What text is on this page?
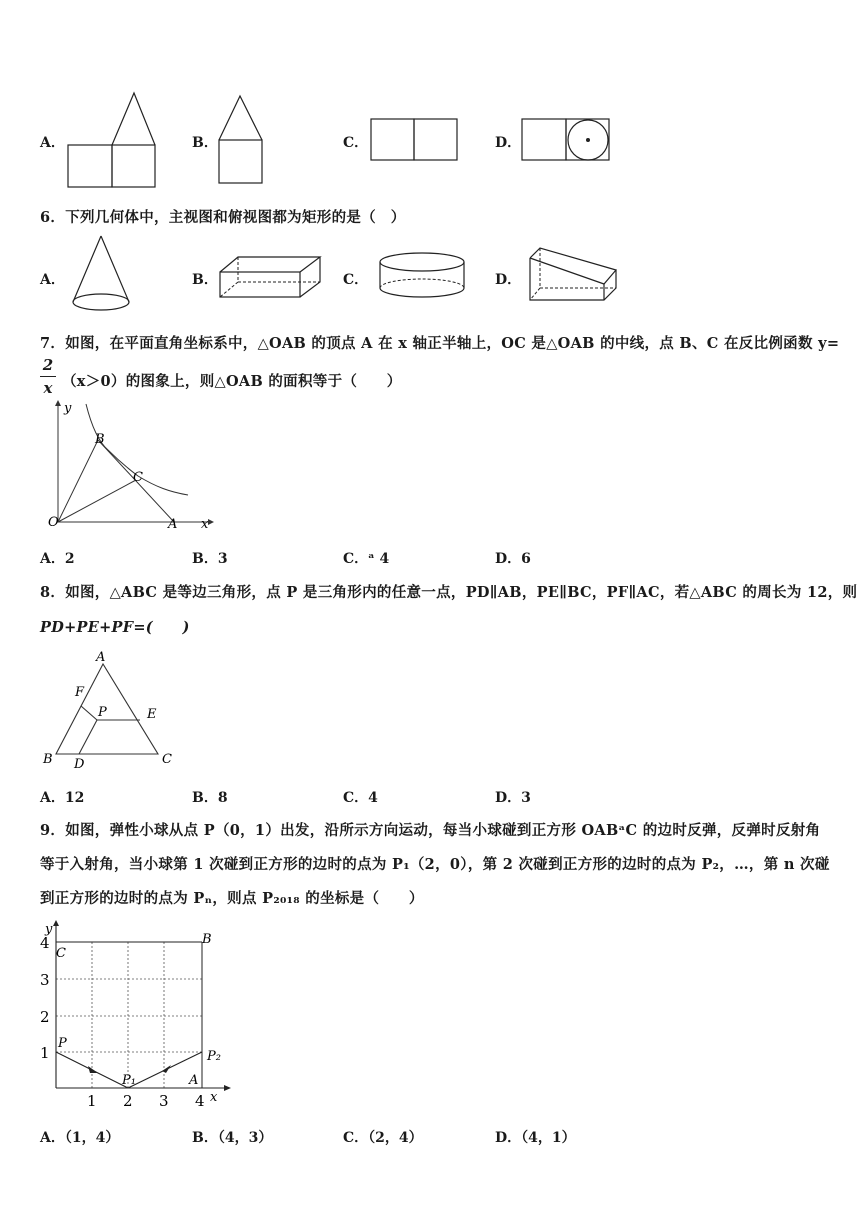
A．	B．	C．	D．
6．下列几何体中，主视图和俯视图都为矩形的是（　）
A．	B．	C．	D．
7．如图，在平面直角坐标系中，△OAB 的顶点 A 在 x 轴正半轴上，OC 是△OAB 的中线，点 B、C 在反比例函数 y=
2
x （x＞0）的图象上，则△OAB 的面积等于（　　）
y
x
O	A
B
C
A．2	B．3	C．ᵃ 4	D．6
8．如图，△ABC 是等边三角形，点 P 是三角形内的任意一点，PD∥AB，PE∥BC，PF∥AC，若△ABC 的周长为 12，则
PD+PE+PF=(　　)
A
B	C
D
E
F
P
A．12	B．8	C．4	D．3
9．如图，弹性小球从点 P（0，1）出发，沿所示方向运动，每当小球碰到正方形 OABᵃC 的边时反弹，反弹时反射角
等于入射角，当小球第 1 次碰到正方形的边时的点为 P₁（2，0），第 2 次碰到正方形的边时的点为 P₂，…，第 n 次碰
到正方形的边时的点为 Pₙ，则点 P₂₀₁₈ 的坐标是（　　）
y
x
C
B
A
P
P₁
P₂
4
3
2
1
1 2 3 4
A．（1，4）	B．（4，3）	C．（2，4）	D．（4，1）
